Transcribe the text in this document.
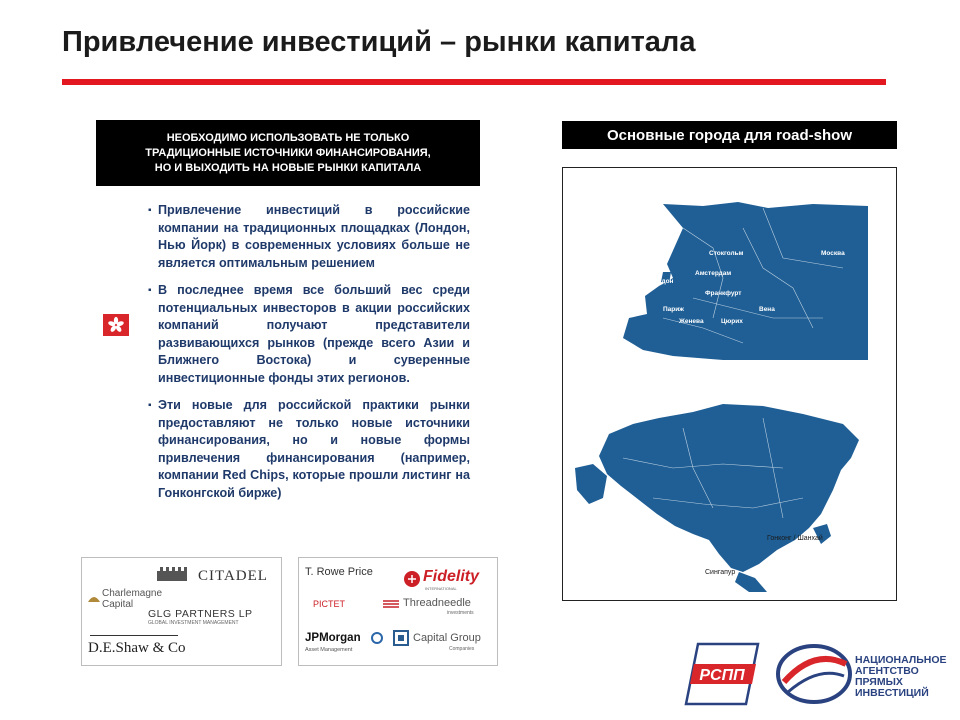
Привлечение инвестиций – рынки капитала
НЕОБХОДИМО ИСПОЛЬЗОВАТЬ НЕ ТОЛЬКО
ТРАДИЦИОННЫЕ ИСТОЧНИКИ ФИНАНСИРОВАНИЯ,
НО И ВЫХОДИТЬ НА НОВЫЕ РЫНКИ КАПИТАЛА
Основные города для road-show
▪ Привлечение инвестиций в российские компании на традиционных площадках (Лондон, Нью Йорк) в современных условиях больше не является оптимальным решением
▪ В последнее время все больший вес среди потенциальных инвесторов в акции российских компаний получают представители развивающихся рынков (прежде всего Азии и Ближнего Востока) и суверенные инвестиционные фонды этих регионов.
▪ Эти новые для российской практики рынки предоставляют не только новые источники финансирования, но и новые формы привлечения финансирования (например, компании Red Chips, которые прошли листинг на Гонконгской бирже)
Стокгольм	Москва
Амстердам
Лондон
Франкфурт
Париж
Женева	Цюрих
Вена
Гонконг / Шанхай
Сингапур
CITADEL
Charlemagne
Capital
GLG PARTNERS LP
GLOBAL INVESTMENT MANAGEMENT
D.E.Shaw & Co
T. Rowe Price	Fidelity
INTERNATIONAL
PICTET	Threadneedle
investments
JPMorgan
Asset Management
Capital Group
Companies
РСПП
НАЦИОНАЛЬНОЕ
АГЕНТСТВО
ПРЯМЫХ
ИНВЕСТИЦИЙ
